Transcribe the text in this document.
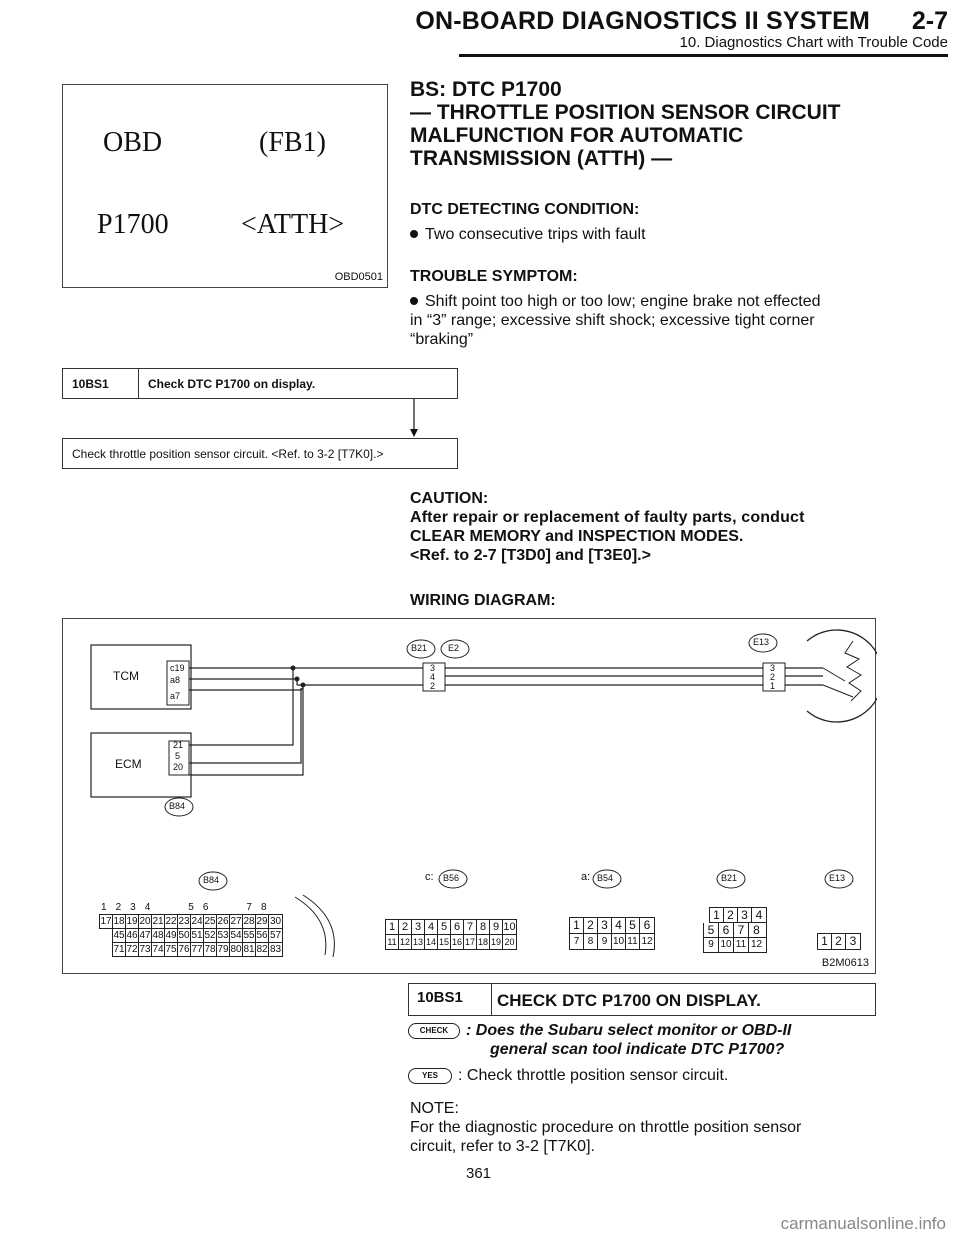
ON-BOARD DIAGNOSTICS II SYSTEM 2-7
10. Diagnostics Chart with Trouble Code
OBD	(FB1)
P1700	<ATTH>
OBD0501
BS: DTC P1700
— THROTTLE POSITION SENSOR CIRCUIT
MALFUNCTION FOR AUTOMATIC
TRANSMISSION (ATTH) —
DTC DETECTING CONDITION:
Two consecutive trips with fault
TROUBLE SYMPTOM:
Shift point too high or too low; engine brake not effected
in “3” range; excessive shift shock; excessive tight corner
“braking”
10BS1	Check DTC P1700 on display.
Check throttle position sensor circuit. <Ref. to 3-2 [T7K0].>
CAUTION:
After repair or replacement of faulty parts, conduct
CLEAR MEMORY and INSPECTION MODES.
<Ref. to 2-7 [T3D0] and [T3E0].>
WIRING DIAGRAM:
TCM
c19
a8
a7
ECM
21
5
20
B84
B21 E2
E13
3
4
2
3
2
1
B84	c: B56	a: B54	B21	E13
1 2 3 4	5 6	7 8
17 18 19 20 21 22 23 24 25 26 27 28 29 30
45 46 47 48 49 50 51 52 53 54 55 56 57
71 72 73 74 75 76 77 78 79 80 81 82 83
1 2 3 4 5 6 7 8 9 10
11 12 13 14 15 16 17 18 19 20
1 2 3 4 5 6
7 8 9 10 11 12
1 2 3 4
5 6 7 8
9 10 11 12	1 2 3
B2M0613
10BS1 CHECK DTC P1700 ON DISPLAY.
CHECK : Does the Subaru select monitor or OBD-II
general scan tool indicate DTC P1700?
YES : Check throttle position sensor circuit.
NOTE:
For the diagnostic procedure on throttle position sensor
circuit, refer to 3-2 [T7K0].
361
carmanualsonline.info
